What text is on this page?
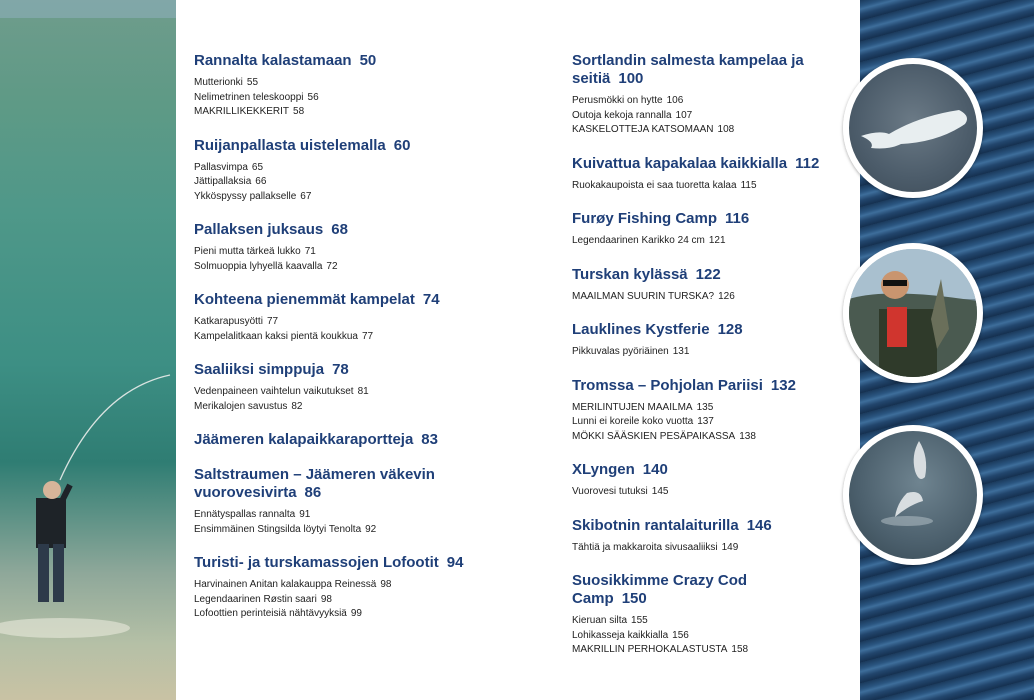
Rannalta kalastamaan 50
Mutterionki 55
Nelimetrinen teleskooppi 56
MAKRILLIKEKKERIT 58
Ruijanpallasta uistelemalla 60
Pallasvimpa 65
Jättipallaksia 66
Ykköspyssy pallakselle 67
Pallaksen juksaus 68
Pieni mutta tärkeä lukko 71
Solmuoppia lyhyellä kaavalla 72
Kohteena pienemmät kampelat 74
Katkarapusyötti 77
Kampelalitkaan kaksi pientä koukkua 77
Saaliiksi simppuja 78
Vedenpaineen vaihtelun vaikutukset 81
Merikalojen savustus 82
Jäämeren kalapaikkaraportteja 83
Saltstraumen – Jäämeren väkevin vuorovesivirta 86
Ennätyspallas rannalta 91
Ensimmäinen Stingsilda löytyi Tenolta 92
Turisti- ja turskamassojen Lofootit 94
Harvinainen Anitan kalakauppa Reinessä 98
Legendaarinen Røstin saari 98
Lofoottien perinteisiä nähtävyyksiä 99
Sortlandin salmesta kampelaa ja seitiä 100
Perusmökki on hytte 106
Outoja kekoja rannalla 107
KASKELOTTEJA KATSOMAAN 108
Kuivattua kapakalaa kaikkialla 112
Ruokakaupoista ei saa tuoretta kalaa 115
Furøy Fishing Camp 116
Legendaarinen Karikko 24 cm 121
Turskan kylässä 122
MAAILMAN SUURIN TURSKA? 126
Lauklines Kystferie 128
Pikkuvalas pyöriäinen 131
Tromssa – Pohjolan Pariisi 132
MERILINTUJEN MAAILMA 135
Lunni ei koreile koko vuotta 137
MÖKKI SÄÄSKIEN PESÄPAIKASSA 138
XLyngen 140
Vuorovesi tutuksi 145
Skibotnin rantalaiturilla 146
Tähtiä ja makkaroita sivusaaliiksi 149
Suosikkimme Crazy Cod Camp 150
Kieruan silta 155
Lohikasseja kaikkialla 156
MAKRILLIN PERHOKALASTUSTA 158
